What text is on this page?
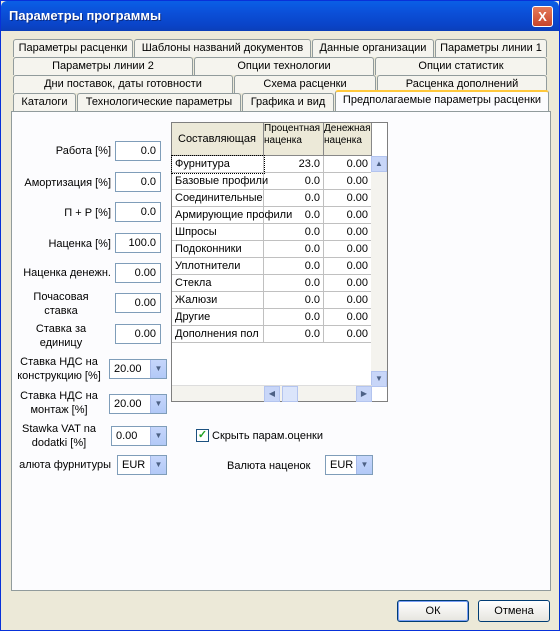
Параметры программы	X
Параметры расценки	Шаблоны названий документов	Данные организации	Параметры линии 1
Параметры линии 2	Опции технологии	Опции статистик
Дни поставок, даты готовности	Схема расценки	Расценка дополнений
Каталоги	Технологические параметры	Графика и вид	Предполагаемые параметры расценки
Работа [%]	0.0
Амортизация [%]	0.0
П + Р [%]	0.0
Наценка [%]	100.0
Наценка денежн.	0.00
Почасовая ставка
0.00
Ставка за единицу
0.00
Ставка НДС на конструкцию [%]
20.00	▼
Ставка НДС на монтаж [%]	20.00	▼
Stawka VAT na dodatki [%]
0.00	▼
алюта фурнитуры	EUR	▼
Составляющая
Процентная наценка
Денежная наценка
Фурнитура	23.0	0.00
Базовые профили	0.0	0.00
Соединительные	0.0	0.00
Армирующие профили	0.0	0.00
Шпросы	0.0	0.00
Подоконники	0.0	0.00
Уплотнители	0.0	0.00
Стекла	0.0	0.00
Жалюзи	0.0	0.00
Другие	0.0	0.00
Дополнения пол	0.0	0.00
▲
▼
◀	▶
✓ Скрыть парам.оценки
Валюта наценок	EUR ▼
ОК	Отмена
